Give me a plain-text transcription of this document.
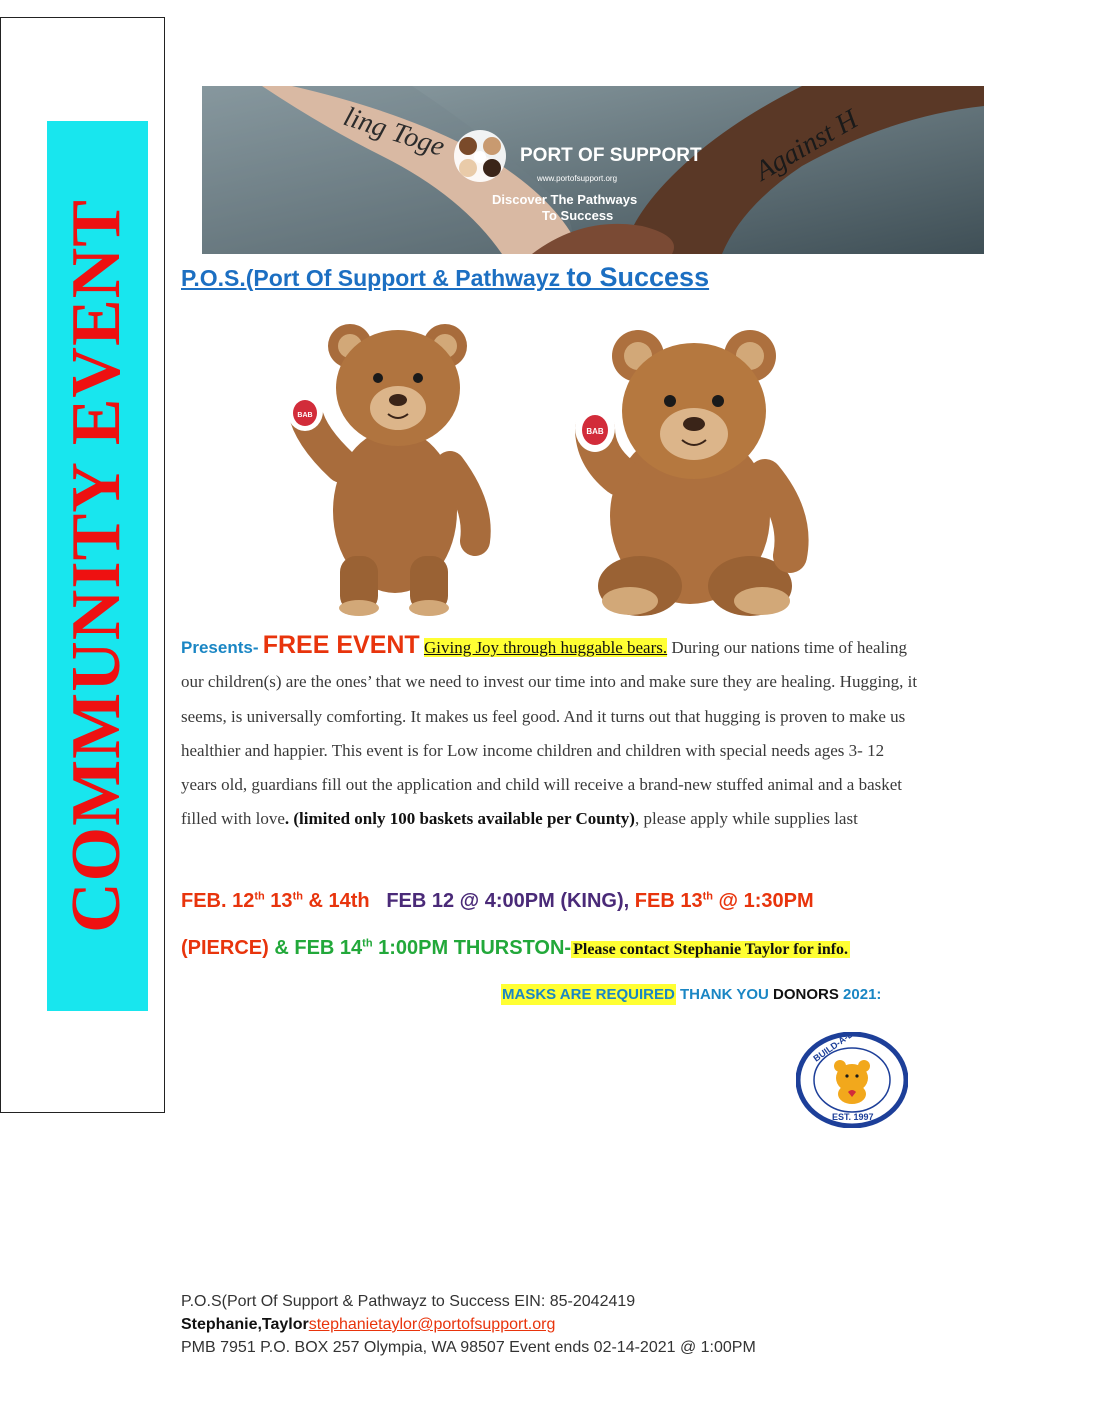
COMMUNITY EVENT
ling Toge	Against H
PORT OF SUPPORT
www.portofsupport.org
Discover The Pathways
To Success
P.O.S.(Port Of Support & Pathwayz to Success
BAB
BAB
Presents- FREE EVENT Giving Joy through huggable bears. During our nations time of healing our children(s) are the ones’ that we need to invest our time into and make sure they are healing. Hugging, it seems, is universally comforting. It makes us feel good. And it turns out that hugging is proven to make us healthier and happier. This event is for Low income children and children with special needs ages 3- 12 years old, guardians fill out the application and child will receive a brand-new stuffed animal and a basket filled with love. (limited only 100 baskets available per County), please apply while supplies last
FEB. 12th 13th & 14th FEB 12 @ 4:00PM (KING), FEB 13th @ 1:30PM
(PIERCE) & FEB 14th 1:00PM THURSTON- Please contact Stephanie Taylor for info.
MASKS ARE REQUIRED THANK YOU DONORS 2021:
EST. 1997
P.O.S(Port Of Support & Pathwayz to Success EIN: 85-2042419
Stephanie,Taylorstephanietaylor@portofsupport.org
PMB 7951 P.O. BOX 257 Olympia, WA 98507 Event ends 02-14-2021 @ 1:00PM
